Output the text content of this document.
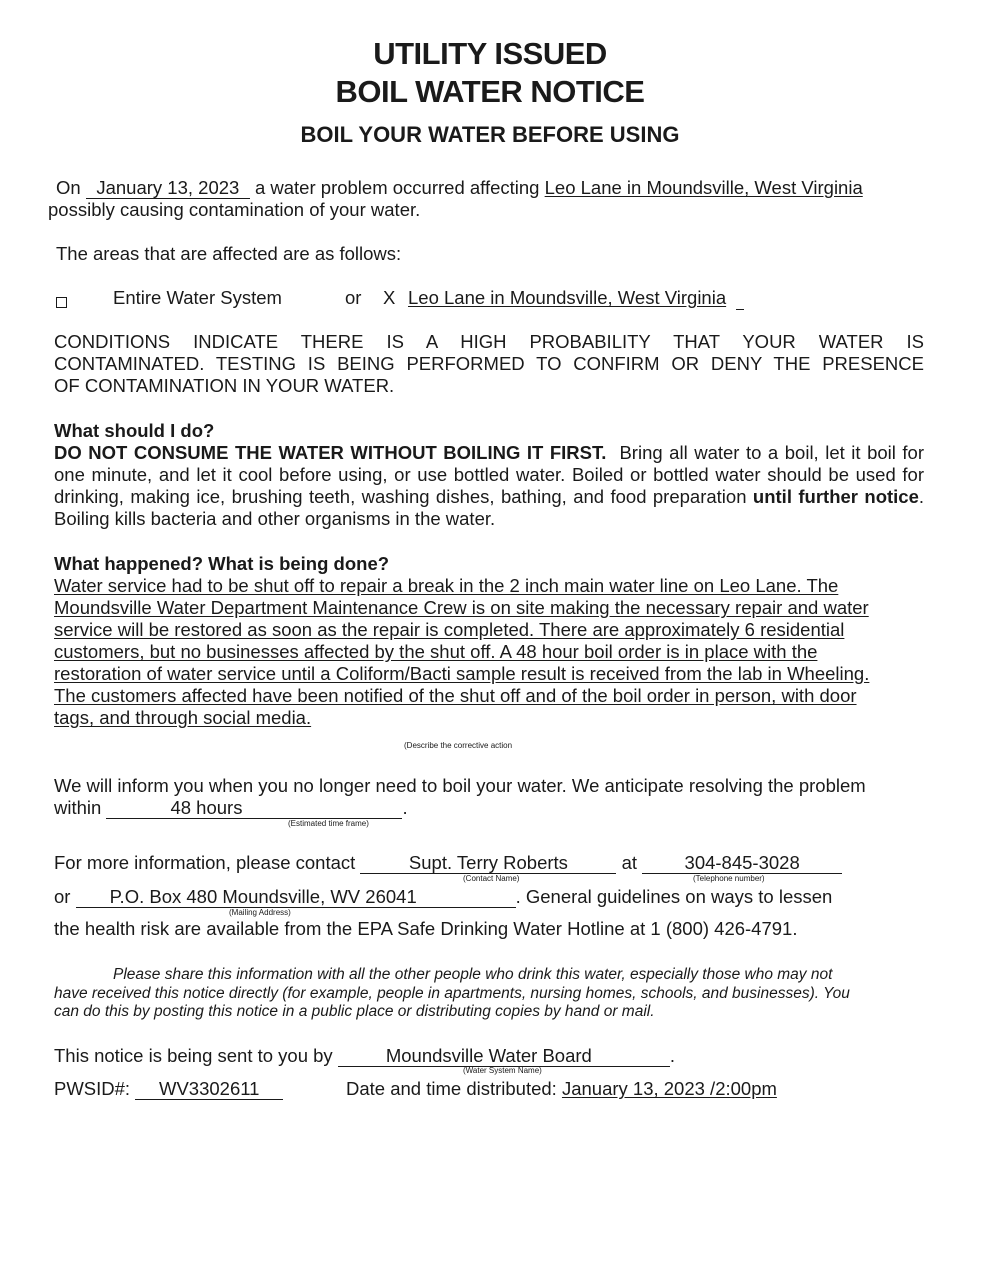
UTILITY ISSUED
BOIL WATER NOTICE
BOIL YOUR WATER BEFORE USING
On January 13, 2023 a water problem occurred affecting Leo Lane in Moundsville, West Virginia
possibly causing contamination of your water.
The areas that are affected are as follows:
Entire Water System	or X Leo Lane in Moundsville, West Virginia
CONDITIONS INDICATE THERE IS A HIGH PROBABILITY THAT YOUR WATER IS
CONTAMINATED. TESTING IS BEING PERFORMED TO CONFIRM OR DENY THE PRESENCE
OF CONTAMINATION IN YOUR WATER.
What should I do?
DO NOT CONSUME THE WATER WITHOUT BOILING IT FIRST. Bring all water to a boil, let it boil for one minute, and let it cool before using, or use bottled water. Boiled or bottled water should be used for drinking, making ice, brushing teeth, washing dishes, bathing, and food preparation until further notice. Boiling kills bacteria and other organisms in the water.
What happened? What is being done?
Water service had to be shut off to repair a break in the 2 inch main water line on Leo Lane. The
Moundsville Water Department Maintenance Crew is on site making the necessary repair and water
service will be restored as soon as the repair is completed. There are approximately 6 residential
customers, but no businesses affected by the shut off. A 48 hour boil order is in place with the
restoration of water service until a Coliform/Bacti sample result is received from the lab in Wheeling.
The customers affected have been notified of the shut off and of the boil order in person, with door
tags, and through social media.
(Describe the corrective action
We will inform you when you no longer need to boil your water. We anticipate resolving the problem
within	48 hours	.
(Estimated time frame)
For more information, please contact	Supt. Terry Roberts	at	304-845-3028
(Contact Name)	(Telephone number)
or P.O. Box 480 Moundsville, WV 26041	. General guidelines on ways to lessen
(Mailing Address)
the health risk are available from the EPA Safe Drinking Water Hotline at 1 (800) 426-4791.
Please share this information with all the other people who drink this water, especially those who may not
have received this notice directly (for example, people in apartments, nursing homes, schools, and businesses). You
can do this by posting this notice in a public place or distributing copies by hand or mail.
This notice is being sent to you by	Moundsville Water Board	.
(Water System Name)
PWSID#: WV3302611	Date and time distributed: January 13, 2023 /2:00pm
